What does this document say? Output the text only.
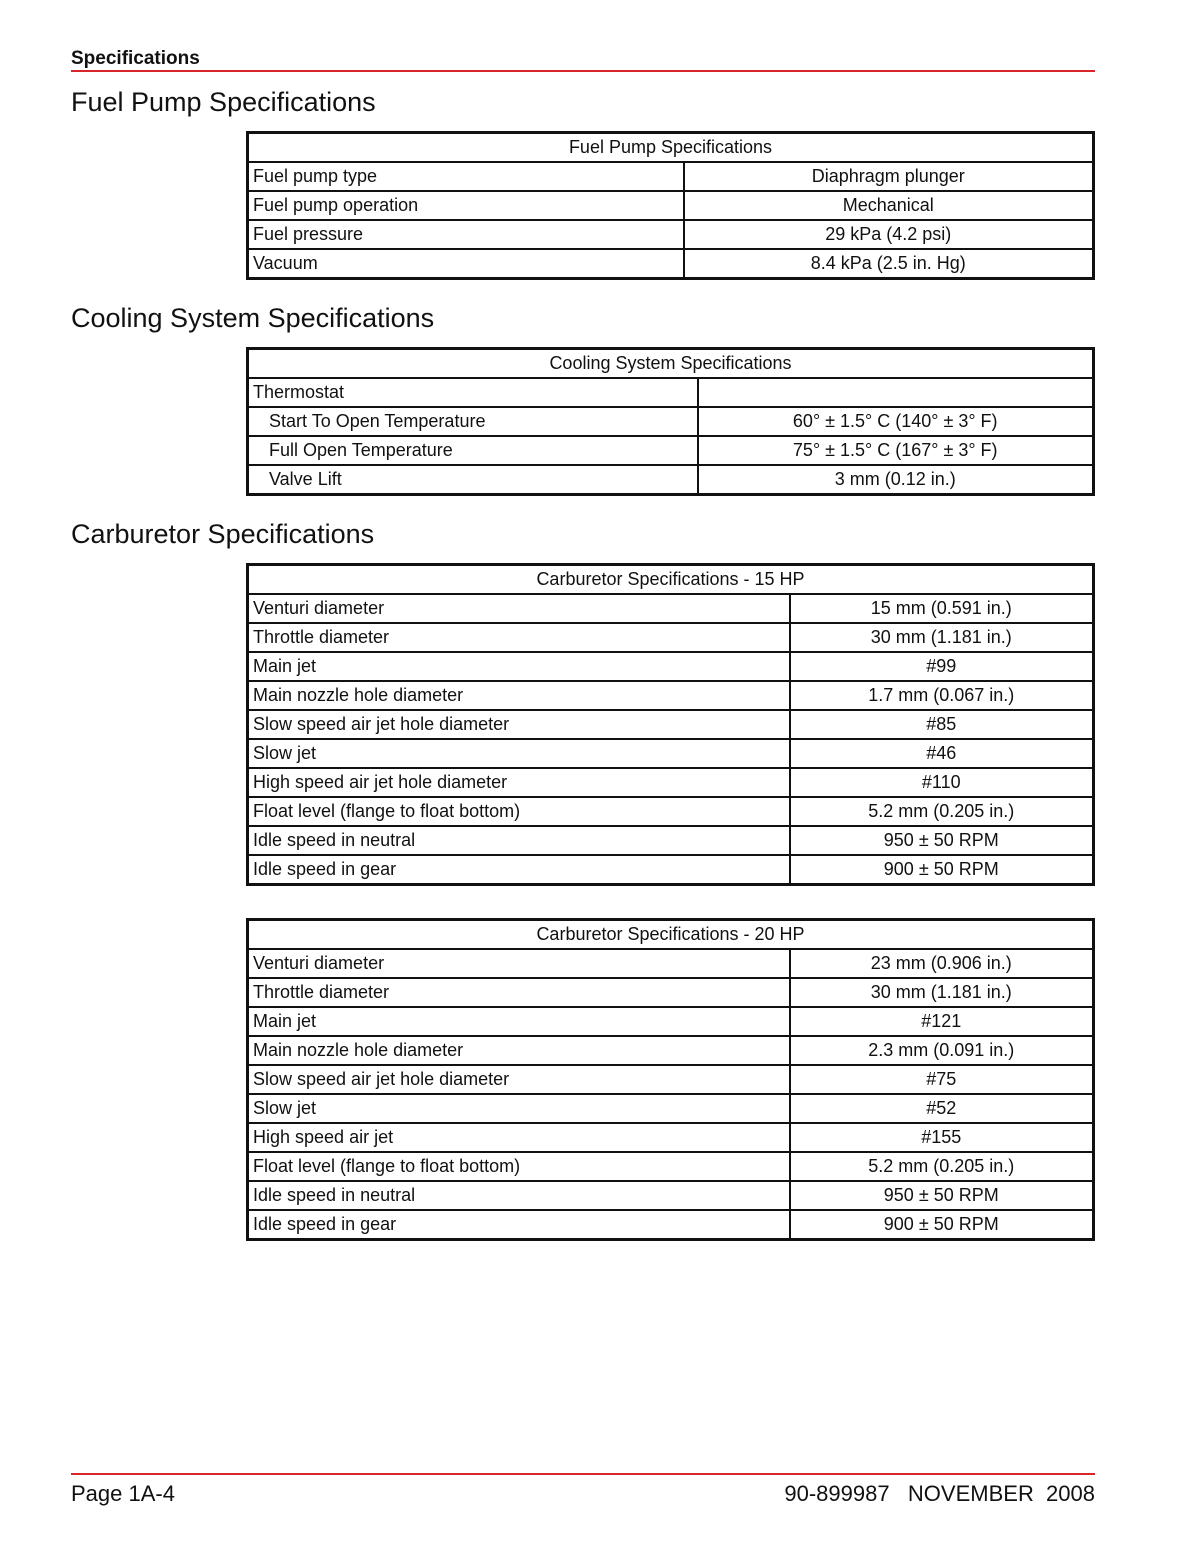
Specifications
Fuel Pump Specifications
Fuel Pump Specifications	
Fuel pump type	Diaphragm plunger
Fuel pump operation	Mechanical
Fuel pressure	29 kPa (4.2 psi)
Vacuum	8.4 kPa (2.5 in. Hg)
Cooling System Specifications
Cooling System Specifications	
Thermostat	
Start To Open Temperature	60° ± 1.5° C (140° ± 3° F)
Full Open Temperature	75° ± 1.5° C (167° ± 3° F)
Valve Lift	3 mm (0.12 in.)
Carburetor Specifications
Carburetor Specifications - 15 HP	
Venturi diameter	15 mm (0.591 in.)
Throttle diameter	30 mm (1.181 in.)
Main jet	#99
Main nozzle hole diameter	1.7 mm (0.067 in.)
Slow speed air jet hole diameter	#85
Slow jet	#46
High speed air jet hole diameter	#110
Float level (flange to float bottom)	5.2 mm (0.205 in.)
Idle speed in neutral	950 ± 50 RPM
Idle speed in gear	900 ± 50 RPM
Carburetor Specifications - 20 HP	
Venturi diameter	23 mm (0.906 in.)
Throttle diameter	30 mm (1.181 in.)
Main jet	#121
Main nozzle hole diameter	2.3 mm (0.091 in.)
Slow speed air jet hole diameter	#75
Slow jet	#52
High speed air jet	#155
Float level (flange to float bottom)	5.2 mm (0.205 in.)
Idle speed in neutral	950 ± 50 RPM
Idle speed in gear	900 ± 50 RPM
Page 1A-4	90-899987   NOVEMBER  2008
